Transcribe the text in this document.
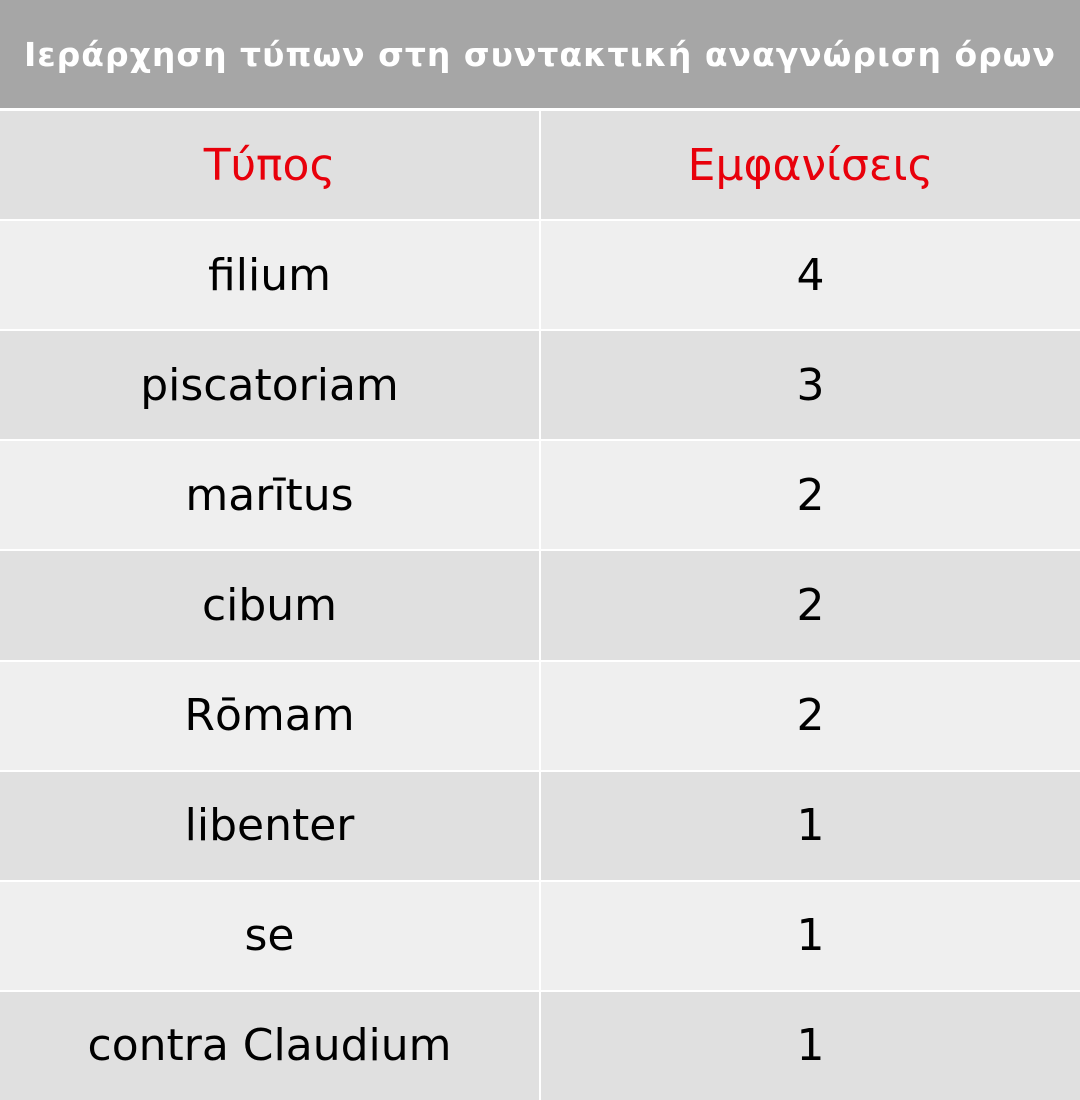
Ιεράρχηση τύπων στη συντακτική αναγνώριση όρων	
Τύπος	Εμφανίσεις
filium	4
piscatoriam	3
marītus	2
cibum	2
Rōmam	2
libenter	1
se	1
contra Claudium	1
